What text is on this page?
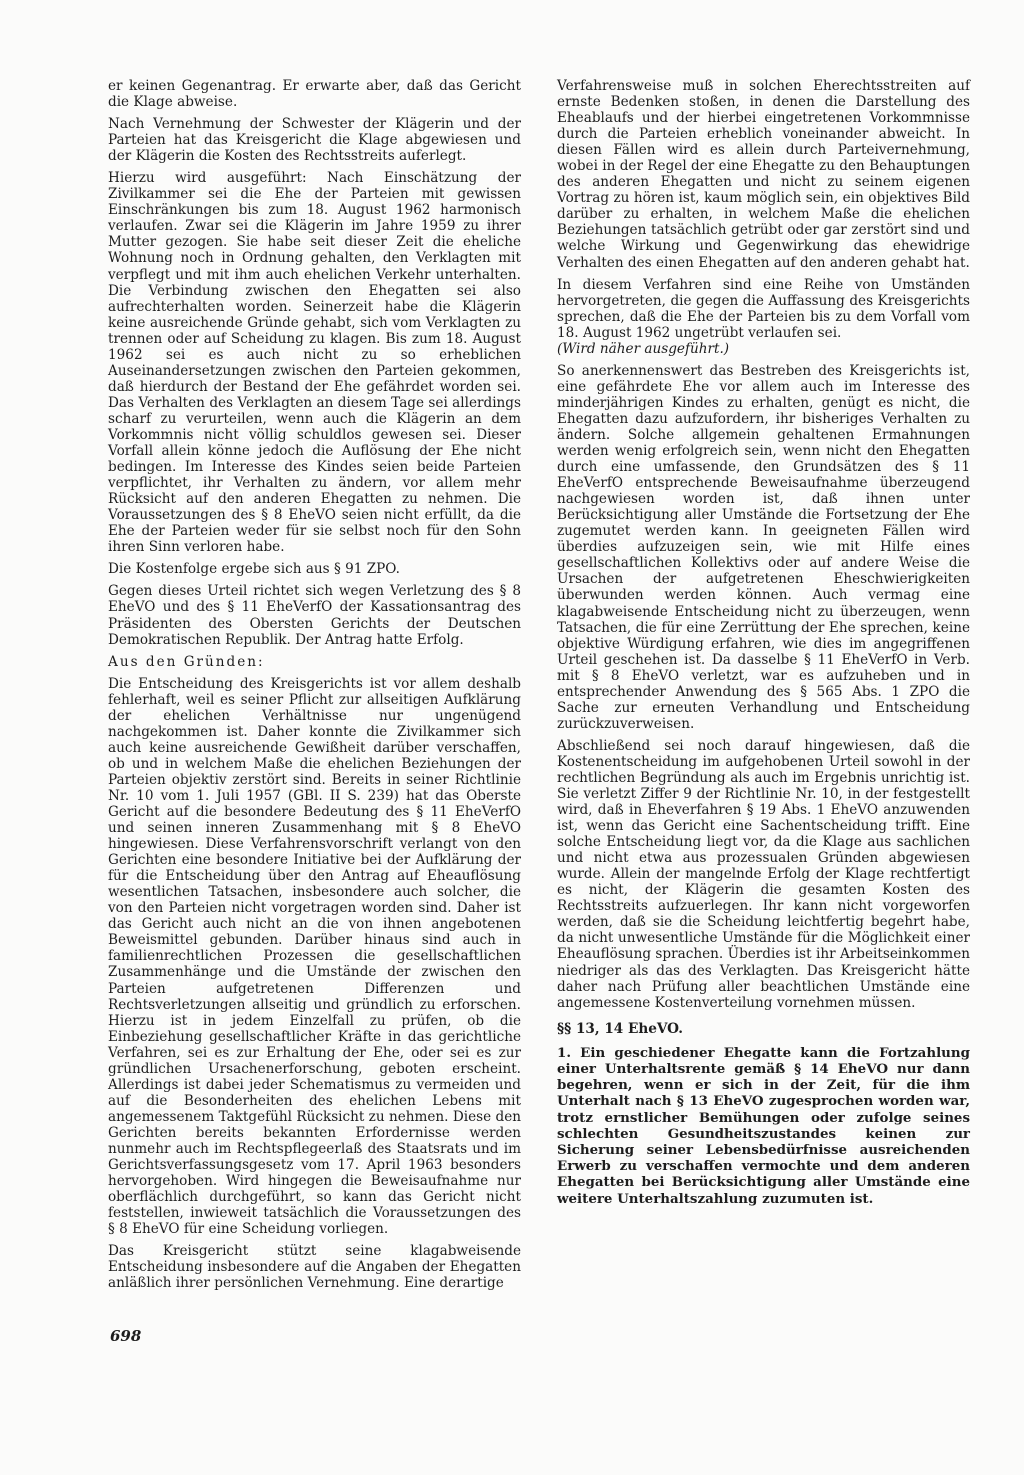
er keinen Gegenantrag. Er erwarte aber, daß das Gericht die Klage abweise.

Nach Vernehmung der Schwester der Klägerin und der Parteien hat das Kreisgericht die Klage abgewiesen und der Klägerin die Kosten des Rechtsstreits auferlegt.

Hierzu wird ausgeführt: Nach Einschätzung der Zivilkammer sei die Ehe der Parteien mit gewissen Einschränkungen bis zum 18. August 1962 harmonisch verlaufen. Zwar sei die Klägerin im Jahre 1959 zu ihrer Mutter gezogen. Sie habe seit dieser Zeit die eheliche Wohnung noch in Ordnung gehalten, den Verklagten mit verpflegt und mit ihm auch ehelichen Verkehr unterhalten. Die Verbindung zwischen den Ehegatten sei also aufrechterhalten worden. Seinerzeit habe die Klägerin keine ausreichende Gründe gehabt, sich vom Verklagten zu trennen oder auf Scheidung zu klagen. Bis zum 18. August 1962 sei es auch nicht zu so erheblichen Auseinandersetzungen zwischen den Parteien gekommen, daß hierdurch der Bestand der Ehe gefährdet worden sei. Das Verhalten des Verklagten an diesem Tage sei allerdings scharf zu verurteilen, wenn auch die Klägerin an dem Vorkommnis nicht völlig schuldlos gewesen sei. Dieser Vorfall allein könne jedoch die Auflösung der Ehe nicht bedingen. Im Interesse des Kindes seien beide Parteien verpflichtet, ihr Verhalten zu ändern, vor allem mehr Rücksicht auf den anderen Ehegatten zu nehmen. Die Voraussetzungen des § 8 EheVO seien nicht erfüllt, da die Ehe der Parteien weder für sie selbst noch für den Sohn ihren Sinn verloren habe.

Die Kostenfolge ergebe sich aus § 91 ZPO.

Gegen dieses Urteil richtet sich wegen Verletzung des § 8 EheVO und des § 11 EheVerfO der Kassationsantrag des Präsidenten des Obersten Gerichts der Deutschen Demokratischen Republik. Der Antrag hatte Erfolg.

Aus den Gründen:

Die Entscheidung des Kreisgerichts ist vor allem deshalb fehlerhaft, weil es seiner Pflicht zur allseitigen Aufklärung der ehelichen Verhältnisse nur ungenügend nachgekommen ist. Daher konnte die Zivilkammer sich auch keine ausreichende Gewißheit darüber verschaffen, ob und in welchem Maße die ehelichen Beziehungen der Parteien objektiv zerstört sind. Bereits in seiner Richtlinie Nr. 10 vom 1. Juli 1957 (GBl. II S. 239) hat das Oberste Gericht auf die besondere Bedeutung des § 11 EheVerfO und seinen inneren Zusammenhang mit § 8 EheVO hingewiesen. Diese Verfahrensvorschrift verlangt von den Gerichten eine besondere Initiative bei der Aufklärung der für die Entscheidung über den Antrag auf Eheauflösung wesentlichen Tatsachen, insbesondere auch solcher, die von den Parteien nicht vorgetragen worden sind. Daher ist das Gericht auch nicht an die von ihnen angebotenen Beweismittel gebunden. Darüber hinaus sind auch in familienrechtlichen Prozessen die gesellschaftlichen Zusammenhänge und die Umstände der zwischen den Parteien aufgetretenen Differenzen und Rechtsverletzungen allseitig und gründlich zu erforschen. Hierzu ist in jedem Einzelfall zu prüfen, ob die Einbeziehung gesellschaftlicher Kräfte in das gerichtliche Verfahren, sei es zur Erhaltung der Ehe, oder sei es zur gründlichen Ursachenerforschung, geboten erscheint. Allerdings ist dabei jeder Schematismus zu vermeiden und auf die Besonderheiten des ehelichen Lebens mit angemessenem Taktgefühl Rücksicht zu nehmen. Diese den Gerichten bereits bekannten Erfordernisse werden nunmehr auch im Rechtspflegeerlaß des Staatsrats und im Gerichtsverfassungsgesetz vom 17. April 1963 besonders hervorgehoben. Wird hingegen die Beweisaufnahme nur oberflächlich durchgeführt, so kann das Gericht nicht feststellen, inwieweit tatsächlich die Voraussetzungen des § 8 EheVO für eine Scheidung vorliegen.

Das Kreisgericht stützt seine klagabweisende Entscheidung insbesondere auf die Angaben der Ehegatten anläßlich ihrer persönlichen Vernehmung. Eine derartige

Verfahrensweise muß in solchen Eherechtsstreiten auf ernste Bedenken stoßen, in denen die Darstellung des Eheablaufs und der hierbei eingetretenen Vorkommnisse durch die Parteien erheblich voneinander abweicht. In diesen Fällen wird es allein durch Parteivernehmung, wobei in der Regel der eine Ehegatte zu den Behauptungen des anderen Ehegatten und nicht zu seinem eigenen Vortrag zu hören ist, kaum möglich sein, ein objektives Bild darüber zu erhalten, in welchem Maße die ehelichen Beziehungen tatsächlich getrübt oder gar zerstört sind und welche Wirkung und Gegenwirkung das ehewidrige Verhalten des einen Ehegatten auf den anderen gehabt hat.

In diesem Verfahren sind eine Reihe von Umständen hervorgetreten, die gegen die Auffassung des Kreisgerichts sprechen, daß die Ehe der Parteien bis zu dem Vorfall vom 18. August 1962 ungetrübt verlaufen sei.

(Wird näher ausgeführt.)

So anerkennenswert das Bestreben des Kreisgerichts ist, eine gefährdete Ehe vor allem auch im Interesse des minderjährigen Kindes zu erhalten, genügt es nicht, die Ehegatten dazu aufzufordern, ihr bisheriges Verhalten zu ändern. Solche allgemein gehaltenen Ermahnungen werden wenig erfolgreich sein, wenn nicht den Ehegatten durch eine umfassende, den Grundsätzen des § 11 EheVerfO entsprechende Beweisaufnahme überzeugend nachgewiesen worden ist, daß ihnen unter Berücksichtigung aller Umstände die Fortsetzung der Ehe zugemutet werden kann. In geeigneten Fällen wird überdies aufzuzeigen sein, wie mit Hilfe eines gesellschaftlichen Kollektivs oder auf andere Weise die Ursachen der aufgetretenen Eheschwierigkeiten überwunden werden können. Auch vermag eine klagabweisende Entscheidung nicht zu überzeugen, wenn Tatsachen, die für eine Zerrüttung der Ehe sprechen, keine objektive Würdigung erfahren, wie dies im angegriffenen Urteil geschehen ist. Da dasselbe § 11 EheVerfO in Verb. mit § 8 EheVO verletzt, war es aufzuheben und in entsprechender Anwendung des § 565 Abs. 1 ZPO die Sache zur erneuten Verhandlung und Entscheidung zurückzuverweisen.

Abschließend sei noch darauf hingewiesen, daß die Kostenentscheidung im aufgehobenen Urteil sowohl in der rechtlichen Begründung als auch im Ergebnis unrichtig ist. Sie verletzt Ziffer 9 der Richtlinie Nr. 10, in der festgestellt wird, daß in Eheverfahren § 19 Abs. 1 EheVO anzuwenden ist, wenn das Gericht eine Sachentscheidung trifft. Eine solche Entscheidung liegt vor, da die Klage aus sachlichen und nicht etwa aus prozessualen Gründen abgewiesen wurde. Allein der mangelnde Erfolg der Klage rechtfertigt es nicht, der Klägerin die gesamten Kosten des Rechtsstreits aufzuerlegen. Ihr kann nicht vorgeworfen werden, daß sie die Scheidung leichtfertig begehrt habe, da nicht unwesentliche Umstände für die Möglichkeit einer Eheauflösung sprachen. Überdies ist ihr Arbeitseinkommen niedriger als das des Verklagten. Das Kreisgericht hätte daher nach Prüfung aller beachtlichen Umstände eine angemessene Kostenverteilung vornehmen müssen.

§§ 13, 14 EheVO.

1. Ein geschiedener Ehegatte kann die Fortzahlung einer Unterhaltsrente gemäß § 14 EheVO nur dann begehren, wenn er sich in der Zeit, für die ihm Unterhalt nach § 13 EheVO zugesprochen worden war, trotz ernstlicher Bemühungen oder zufolge seines schlechten Gesundheitszustandes keinen zur Sicherung seiner Lebensbedürfnisse ausreichenden Erwerb zu verschaffen vermochte und dem anderen Ehegatten bei Berücksichtigung aller Umstände eine weitere Unterhaltszahlung zuzumuten ist.

698
